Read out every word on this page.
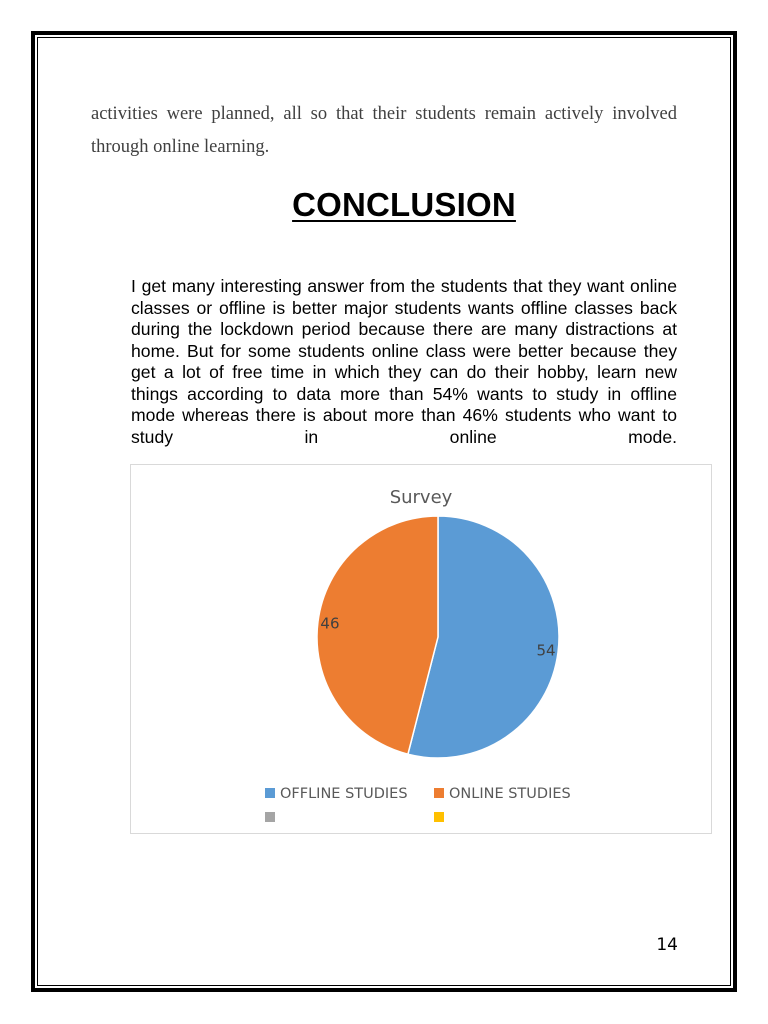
activities were planned, all so that their students remain actively involved through online learning.

CONCLUSION

I get many interesting answer from the students that they want online classes or offline is better major students wants offline classes back during the lockdown period because there are many distractions at home. But for some students online class were better because they get a lot of free time in which they can do their hobby, learn new things according to data more than 54% wants to study in offline mode whereas there is about more than 46% students who want to study in online mode.

Survey
54
46
OFFLINE STUDIES	ONLINE STUDIES
14
